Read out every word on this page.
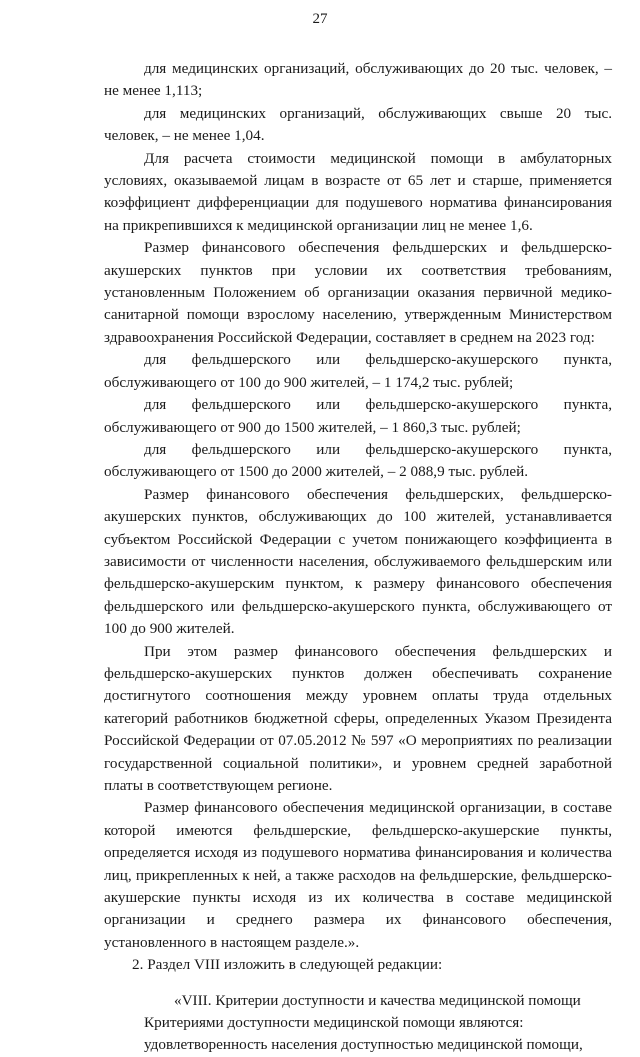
27

для медицинских организаций, обслуживающих до 20 тыс. человек, – не менее 1,113;

для медицинских организаций, обслуживающих свыше 20 тыс. человек, – не менее 1,04.

Для расчета стоимости медицинской помощи в амбулаторных условиях, оказываемой лицам в возрасте от 65 лет и старше, применяется коэффициент дифференциации для подушевого норматива финансирования на прикрепившихся к медицинской организации лиц не менее 1,6.

Размер финансового обеспечения фельдшерских и фельдшерско-акушерских пунктов при условии их соответствия требованиям, установленным Положением об организации оказания первичной медико-санитарной помощи взрослому населению, утвержденным Министерством здравоохранения Российской Федерации, составляет в среднем на 2023 год:

для фельдшерского или фельдшерско-акушерского пункта, обслуживающего от 100 до 900 жителей, – 1 174,2 тыс. рублей;

для фельдшерского или фельдшерско-акушерского пункта, обслуживающего от 900 до 1500 жителей, – 1 860,3 тыс. рублей;

для фельдшерского или фельдшерско-акушерского пункта, обслуживающего от 1500 до 2000 жителей, – 2 088,9 тыс. рублей.

Размер финансового обеспечения фельдшерских, фельдшерско-акушерских пунктов, обслуживающих до 100 жителей, устанавливается субъектом Российской Федерации с учетом понижающего коэффициента в зависимости от численности населения, обслуживаемого фельдшерским или фельдшерско-акушерским пунктом, к размеру финансового обеспечения фельдшерского или фельдшерско-акушерского пункта, обслуживающего от 100 до 900 жителей.

При этом размер финансового обеспечения фельдшерских и фельдшерско-акушерских пунктов должен обеспечивать сохранение достигнутого соотношения между уровнем оплаты труда отдельных категорий работников бюджетной сферы, определенных Указом Президента Российской Федерации от 07.05.2012 № 597 «О мероприятиях по реализации государственной социальной политики», и уровнем средней заработной платы в соответствующем регионе.

Размер финансового обеспечения медицинской организации, в составе которой имеются фельдшерские, фельдшерско-акушерские пункты, определяется исходя из подушевого норматива финансирования и количества лиц, прикрепленных к ней, а также расходов на фельдшерские, фельдшерско-акушерские пункты исходя из их количества в составе медицинской организации и среднего размера их финансового обеспечения, установленного в настоящем разделе.».

2. Раздел VIII изложить в следующей редакции:

«VIII. Критерии доступности и качества медицинской помощи

Критериями доступности медицинской помощи являются:

удовлетворенность населения доступностью медицинской помощи,
